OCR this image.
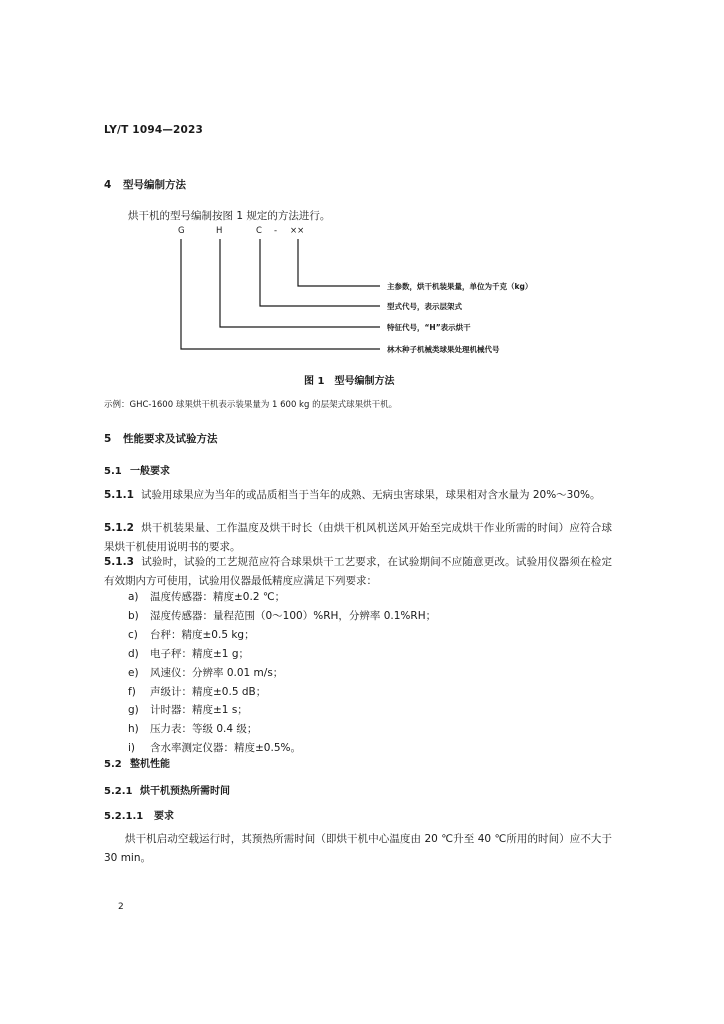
LY/T 1094—2023
4 型号编制方法
烘干机的型号编制按图 1 规定的方法进行。
G	H	C - ××
主参数，烘干机装果量，单位为千克（kg）
型式代号，表示层架式
特征代号，“H”表示烘干
林木种子机械类球果处理机械代号
图 1　型号编制方法
示例：GHC-1600 球果烘干机表示装果量为 1 600 kg 的层架式球果烘干机。
5 性能要求及试验方法
5.1 一般要求
5.1.1 试验用球果应为当年的或品质相当于当年的成熟、无病虫害球果，球果相对含水量为 20%～30%。
5.1.2 烘干机装果量、工作温度及烘干时长（由烘干机风机送风开始至完成烘干作业所需的时间）应符合球果烘干机使用说明书的要求。
5.1.3 试验时，试验的工艺规范应符合球果烘干工艺要求，在试验期间不应随意更改。试验用仪器须在检定有效期内方可使用，试验用仪器最低精度应满足下列要求：
a) 温度传感器：精度±0.2 ℃；
b) 湿度传感器：量程范围（0～100）%RH，分辨率 0.1%RH；
c) 台秤：精度±0.5 kg；
d) 电子秤：精度±1 g；
e) 风速仪：分辨率 0.01 m/s；
f) 声级计：精度±0.5 dB；
g) 计时器：精度±1 s；
h) 压力表：等级 0.4 级；
i) 含水率测定仪器：精度±0.5%。
5.2 整机性能
5.2.1 烘干机预热所需时间
5.2.1.1 要求
烘干机启动空载运行时，其预热所需时间（即烘干机中心温度由 20 ℃升至 40 ℃所用的时间）应不大于 30 min。
2
